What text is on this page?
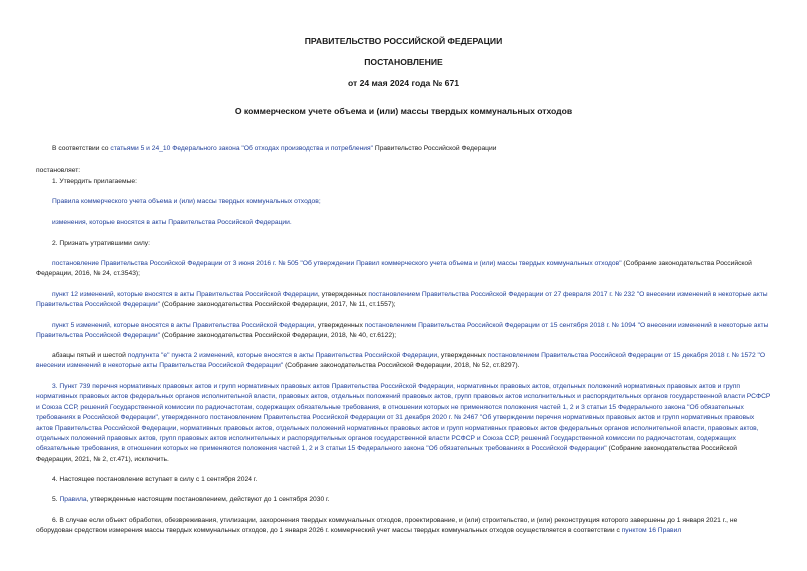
ПРАВИТЕЛЬСТВО РОССИЙСКОЙ ФЕДЕРАЦИИ
ПОСТАНОВЛЕНИЕ
от 24 мая 2024 года № 671
О коммерческом учете объема и (или) массы твердых коммунальных отходов
В соответствии со статьями 5 и 24_10 Федерального закона "Об отходах производства и потребления" Правительство Российской Федерации
постановляет:
1. Утвердить прилагаемые:
Правила коммерческого учета объема и (или) массы твердых коммунальных отходов;
изменения, которые вносятся в акты Правительства Российской Федерации.
2. Признать утратившими силу:
постановление Правительства Российской Федерации от 3 июня 2016 г. № 505 "Об утверждении Правил коммерческого учета объема и (или) массы твердых коммунальных отходов" (Собрание законодательства Российской Федерации, 2016, № 24, ст.3543);
пункт 12 изменений, которые вносятся в акты Правительства Российской Федерации, утвержденных постановлением Правительства Российской Федерации от 27 февраля 2017 г. № 232 "О внесении изменений в некоторые акты Правительства Российской Федерации" (Собрание законодательства Российской Федерации, 2017, № 11, ст.1557);
пункт 5 изменений, которые вносятся в акты Правительства Российской Федерации, утвержденных постановлением Правительства Российской Федерации от 15 сентября 2018 г. № 1094 "О внесении изменений в некоторые акты Правительства Российской Федерации" (Собрание законодательства Российской Федерации, 2018, № 40, ст.6122);
абзацы пятый и шестой подпункта "е" пункта 2 изменений, которые вносятся в акты Правительства Российской Федерации, утвержденных постановлением Правительства Российской Федерации от 15 декабря 2018 г. № 1572 "О внесении изменений в некоторые акты Правительства Российской Федерации" (Собрание законодательства Российской Федерации, 2018, № 52, ст.8297).
3. Пункт 739 перечня нормативных правовых актов и групп нормативных правовых актов Правительства Российской Федерации, нормативных правовых актов, отдельных положений нормативных правовых актов и групп нормативных правовых актов федеральных органов исполнительной власти, правовых актов, отдельных положений правовых актов, групп правовых актов исполнительных и распорядительных органов государственной власти РСФСР и Союза ССР, решений Государственной комиссии по радиочастотам, содержащих обязательные требования, в отношении которых не применяются положения частей 1, 2 и 3 статьи 15 Федерального закона "Об обязательных требованиях в Российской Федерации", утвержденного постановлением Правительства Российской Федерации от 31 декабря 2020 г. № 2467 "Об утверждении перечня нормативных правовых актов и групп нормативных правовых актов Правительства Российской Федерации, нормативных правовых актов, отдельных положений нормативных правовых актов и групп нормативных правовых актов федеральных органов исполнительной власти, правовых актов, отдельных положений правовых актов, групп правовых актов исполнительных и распорядительных органов государственной власти РСФСР и Союза ССР, решений Государственной комиссии по радиочастотам, содержащих обязательные требования, в отношении которых не применяются положения частей 1, 2 и 3 статьи 15 Федерального закона "Об обязательных требованиях в Российской Федерации" (Собрание законодательства Российской Федерации, 2021, № 2, ст.471), исключить.
4. Настоящее постановление вступает в силу с 1 сентября 2024 г.
5. Правила, утвержденные настоящим постановлением, действуют до 1 сентября 2030 г.
6. В случае если объект обработки, обезвреживания, утилизации, захоронения твердых коммунальных отходов, проектирование, и (или) строительство, и (или) реконструкция которого завершены до 1 января 2021 г., не оборудован средством измерения массы твердых коммунальных отходов, до 1 января 2026 г. коммерческий учет массы твердых коммунальных отходов осуществляется в соответствии с пунктом 16 Правил
